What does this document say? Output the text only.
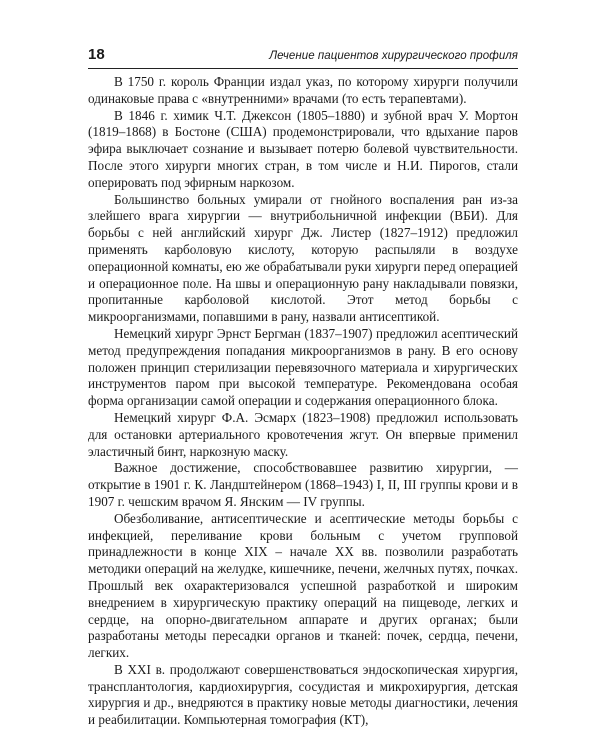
18	Лечение пациентов хирургического профиля

В 1750 г. король Франции издал указ, по которому хирурги получили одинаковые права с «внутренними» врачами (то есть терапевтами).

В 1846 г. химик Ч.Т. Джексон (1805–1880) и зубной врач У. Мортон (1819–1868) в Бостоне (США) продемонстрировали, что вдыхание паров эфира выключает сознание и вызывает потерю болевой чувствительности. После этого хирурги многих стран, в том числе и Н.И. Пирогов, стали оперировать под эфирным наркозом.

Большинство больных умирали от гнойного воспаления ран из-за злейшего врага хирургии — внутрибольничной инфекции (ВБИ). Для борьбы с ней английский хирург Дж. Листер (1827–1912) предложил применять карболовую кислоту, которую распыляли в воздухе операционной комнаты, ею же обрабатывали руки хирурги перед операцией и операционное поле. На швы и операционную рану накладывали повязки, пропитанные карболовой кислотой. Этот метод борьбы с микроорганизмами, попавшими в рану, назвали антисептикой.

Немецкий хирург Эрнст Бергман (1837–1907) предложил асептический метод предупреждения попадания микроорганизмов в рану. В его основу положен принцип стерилизации перевязочного материала и хирургических инструментов паром при высокой температуре. Рекомендована особая форма организации самой операции и содержания операционного блока.

Немецкий хирург Ф.А. Эсмарх (1823–1908) предложил использовать для остановки артериального кровотечения жгут. Он впервые применил эластичный бинт, наркозную маску.

Важное достижение, способствовавшее развитию хирургии, — открытие в 1901 г. К. Ландштейнером (1868–1943) I, II, III группы крови и в 1907 г. чешским врачом Я. Янским — IV группы.

Обезболивание, антисептические и асептические методы борьбы с инфекцией, переливание крови больным с учетом групповой принадлежности в конце XIX – начале XX вв. позволили разработать методики операций на желудке, кишечнике, печени, желчных путях, почках. Прошлый век охарактеризовался успешной разработкой и широким внедрением в хирургическую практику операций на пищеводе, легких и сердце, на опорно-двигательном аппарате и других органах; были разработаны методы пересадки органов и тканей: почек, сердца, печени, легких.

В XXI в. продолжают совершенствоваться эндоскопическая хирургия, трансплантология, кардиохирургия, сосудистая и микрохирургия, детская хирургия и др., внедряются в практику новые методы диагностики, лечения и реабилитации. Компьютерная томография (КТ),
